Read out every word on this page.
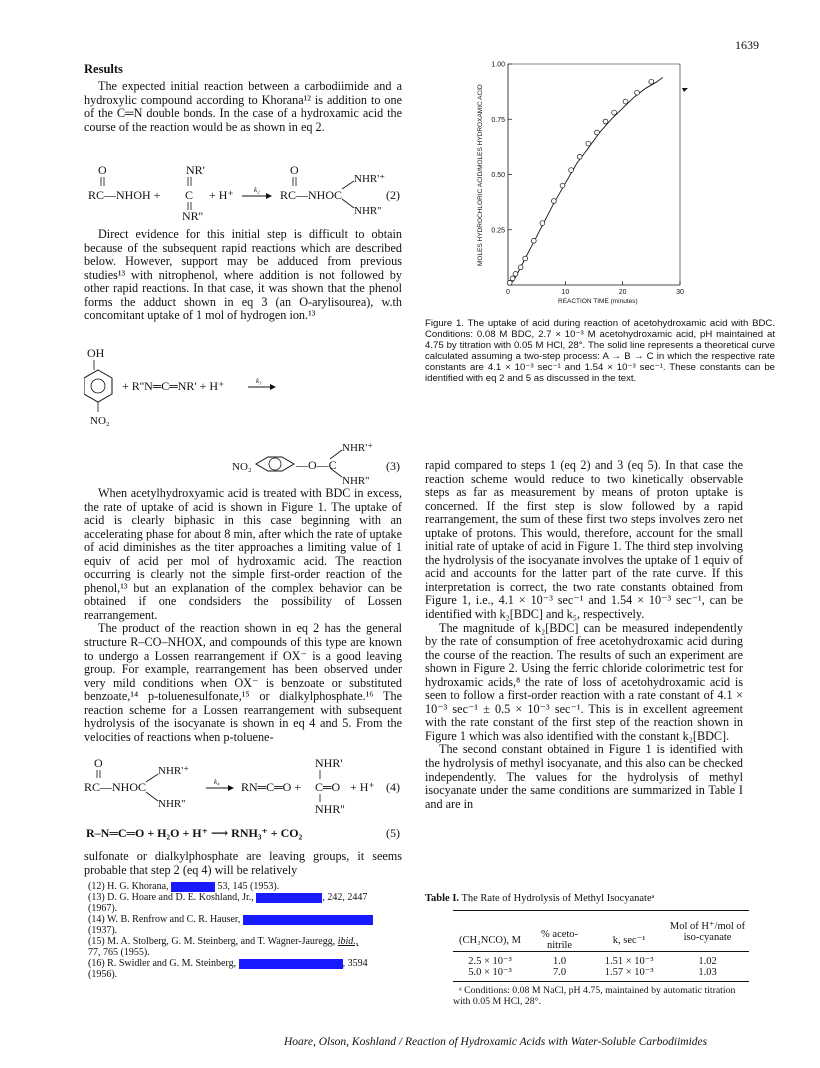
1639
Results

The expected initial reaction between a carbodiimide and a hydroxylic compound according to Khorana¹² is addition to one of the C═N double bonds. In the case of a hydroxamic acid the course of the reaction would be as shown in eq 2.

O
RC—NHOH +
NR'
C
NR''
+ H⁺	k₂
O
RC—NHOC
NHR'⁺
NHR''
(2)

Direct evidence for this initial step is difficult to obtain because of the subsequent rapid reactions which are described below. However, support may be adduced from previous studies¹³ with nitrophenol, where addition is not followed by other rapid reactions. In that case, it was shown that the phenol forms the adduct shown in eq 3 (an O-arylisourea), w.th concomitant uptake of 1 mol of hydrogen ion.¹³

OH
NO₂
+ R''N═C═NR' + H⁺	k₁
NO₂	—O—C
NHR'⁺
NHR''
(3)

When acetylhydroxyamic acid is treated with BDC in excess, the rate of uptake of acid is shown in Figure 1. The uptake of acid is clearly biphasic in this case beginning with an accelerating phase for about 8 min, after which the rate of uptake of acid diminishes as the titer approaches a limiting value of 1 equiv of acid per mol of hydroxamic acid. The reaction occurring is clearly not the simple first-order reaction of the phenol,¹³ but an explanation of the complex behavior can be obtained if one condsiders the possibility of Lossen rearrangement.

The product of the reaction shown in eq 2 has the general structure R–CO–NHOX, and compounds of this type are known to undergo a Lossen rearrangement if OX⁻ is a good leaving group. For example, rearrangement has been observed under very mild conditions when OX⁻ is benzoate or substituted benzoate,¹⁴ p-toluenesulfonate,¹⁵ or dialkylphosphate.¹⁶ The reaction scheme for a Lossen rearrangement with subsequent hydrolysis of the isocyanate is shown in eq 4 and 5. From the velocities of reactions when p-toluene-

O
RC—NHOC
NHR'⁺
NHR''
k₄ RN═C═O +
NHR'
C═O
NHR''
+ H⁺ (4)
R–N═C═O + H₂O + H⁺ ⟶ RNH₃⁺ + CO₂	(5)

sulfonate or dialkylphosphate are leaving groups, it seems probable that step 2 (eq 4) will be relatively

(12) H. G. Khorana,	53, 145 (1953).
(13) D. G. Hoare and D. E. Koshland, Jr.,	, 242, 2447
(1967).
(14) W. B. Renfrow and C. R. Hauser,
(1937).
(15) M. A. Stolberg, G. M. Steinberg, and T. Wagner-Jauregg, ibid.,
77, 765 (1955).
(16) R. Swidler and G. M. Steinberg,	, 3594
(1956).
0.25
0.50
0.75
1.00
0	10	20	30
MOLES HYDROCHLORIC ACID/MOLES HYDROXAMIC ACID
REACTION TIME (minutes)
Figure 1. The uptake of acid during reaction of acetohydroxamic acid with BDC. Conditions: 0.08 M BDC, 2.7 × 10⁻³ M acetohydroxamic acid, pH maintained at 4.75 by titration with 0.05 M HCl, 28°. The solid line represents a theoretical curve calculated assuming a two-step process: A → B → C in which the respective rate constants are 4.1 × 10⁻³ sec⁻¹ and 1.54 × 10⁻³ sec⁻¹. These constants can be identified with eq 2 and 5 as discussed in the text.

rapid compared to steps 1 (eq 2) and 3 (eq 5). In that case the reaction scheme would reduce to two kinetically observable steps as far as measurement by means of proton uptake is concerned. If the first step is slow followed by a rapid rearrangement, the sum of these first two steps involves zero net uptake of protons. This would, therefore, account for the small initial rate of uptake of acid in Figure 1. The third step involving the hydrolysis of the isocyanate involves the uptake of 1 equiv of acid and accounts for the latter part of the rate curve. If this interpretation is correct, the two rate constants obtained from Figure 1, i.e., 4.1 × 10⁻³ sec⁻¹ and 1.54 × 10⁻³ sec⁻¹, can be identified with k₂[BDC] and k₅, respectively.

The magnitude of k₂[BDC] can be measured independently by the rate of consumption of free acetohydroxamic acid during the course of the reaction. The results of such an experiment are shown in Figure 2. Using the ferric chloride colorimetric test for hydroxamic acids,⁸ the rate of loss of acetohydroxamic acid is seen to follow a first-order reaction with a rate constant of 4.1 × 10⁻³ sec⁻¹ ± 0.5 × 10⁻³ sec⁻¹. This is in excellent agreement with the rate constant of the first step of the reaction shown in Figure 1 which was also identified with the constant k₂[BDC].

The second constant obtained in Figure 1 is identified with the hydrolysis of methyl isocyanate, and this also can be checked independently. The values for the hydrolysis of methyl isocyanate under the same conditions are summarized in Table I and are in

Table I. The Rate of Hydrolysis of Methyl Isocyanateᵃ
(CH₃NCO), M	% aceto-nitrile	k, sec⁻¹	Mol of H⁺/mol of iso-cyanate
2.5 × 10⁻³	1.0	1.51 × 10⁻³	1.02
5.0 × 10⁻³	7.0	1.57 × 10⁻³	1.03
ᵃ Conditions: 0.08 M NaCl, pH 4.75, maintained by automatic titration with 0.05 M HCl, 28°.
Hoare, Olson, Koshland / Reaction of Hydroxamic Acids with Water-Soluble Carbodiimides
